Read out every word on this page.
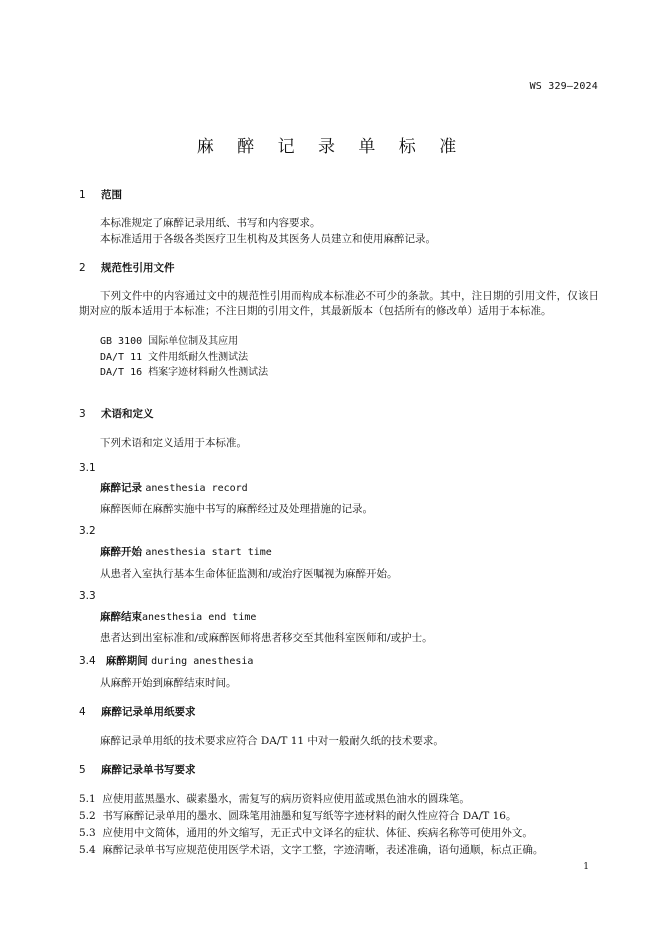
WS 329—2024
麻 醉 记 录 单 标 准
1 范围
本标准规定了麻醉记录用纸、书写和内容要求。
本标准适用于各级各类医疗卫生机构及其医务人员建立和使用麻醉记录。
2 规范性引用文件
下列文件中的内容通过文中的规范性引用而构成本标准必不可少的条款。其中，注日期的引用文件，仅该日期对应的版本适用于本标准；不注日期的引用文件，其最新版本（包括所有的修改单）适用于本标准。
GB 3100 国际单位制及其应用
DA/T 11 文件用纸耐久性测试法
DA/T 16 档案字迹材料耐久性测试法
3 术语和定义
下列术语和定义适用于本标准。
3.1
麻醉记录 anesthesia record
麻醉医师在麻醉实施中书写的麻醉经过及处理措施的记录。
3.2
麻醉开始 anesthesia start time
从患者入室执行基本生命体征监测和/或治疗医嘱视为麻醉开始。
3.3
麻醉结束anesthesia end time
患者达到出室标准和/或麻醉医师将患者移交至其他科室医师和/或护士。
3.4 麻醉期间 during anesthesia
从麻醉开始到麻醉结束时间。
4 麻醉记录单用纸要求
麻醉记录单用纸的技术要求应符合 DA/T 11 中对一般耐久纸的技术要求。
5 麻醉记录单书写要求
5.1 应使用蓝黑墨水、碳素墨水，需复写的病历资料应使用蓝或黑色油水的圆珠笔。
5.2 书写麻醉记录单用的墨水、圆珠笔用油墨和复写纸等字迹材料的耐久性应符合 DA/T 16。
5.3 应使用中文简体，通用的外文缩写，无正式中文译名的症状、体征、疾病名称等可使用外文。
5.4 麻醉记录单书写应规范使用医学术语，文字工整，字迹清晰，表述准确，语句通顺，标点正确。
1
